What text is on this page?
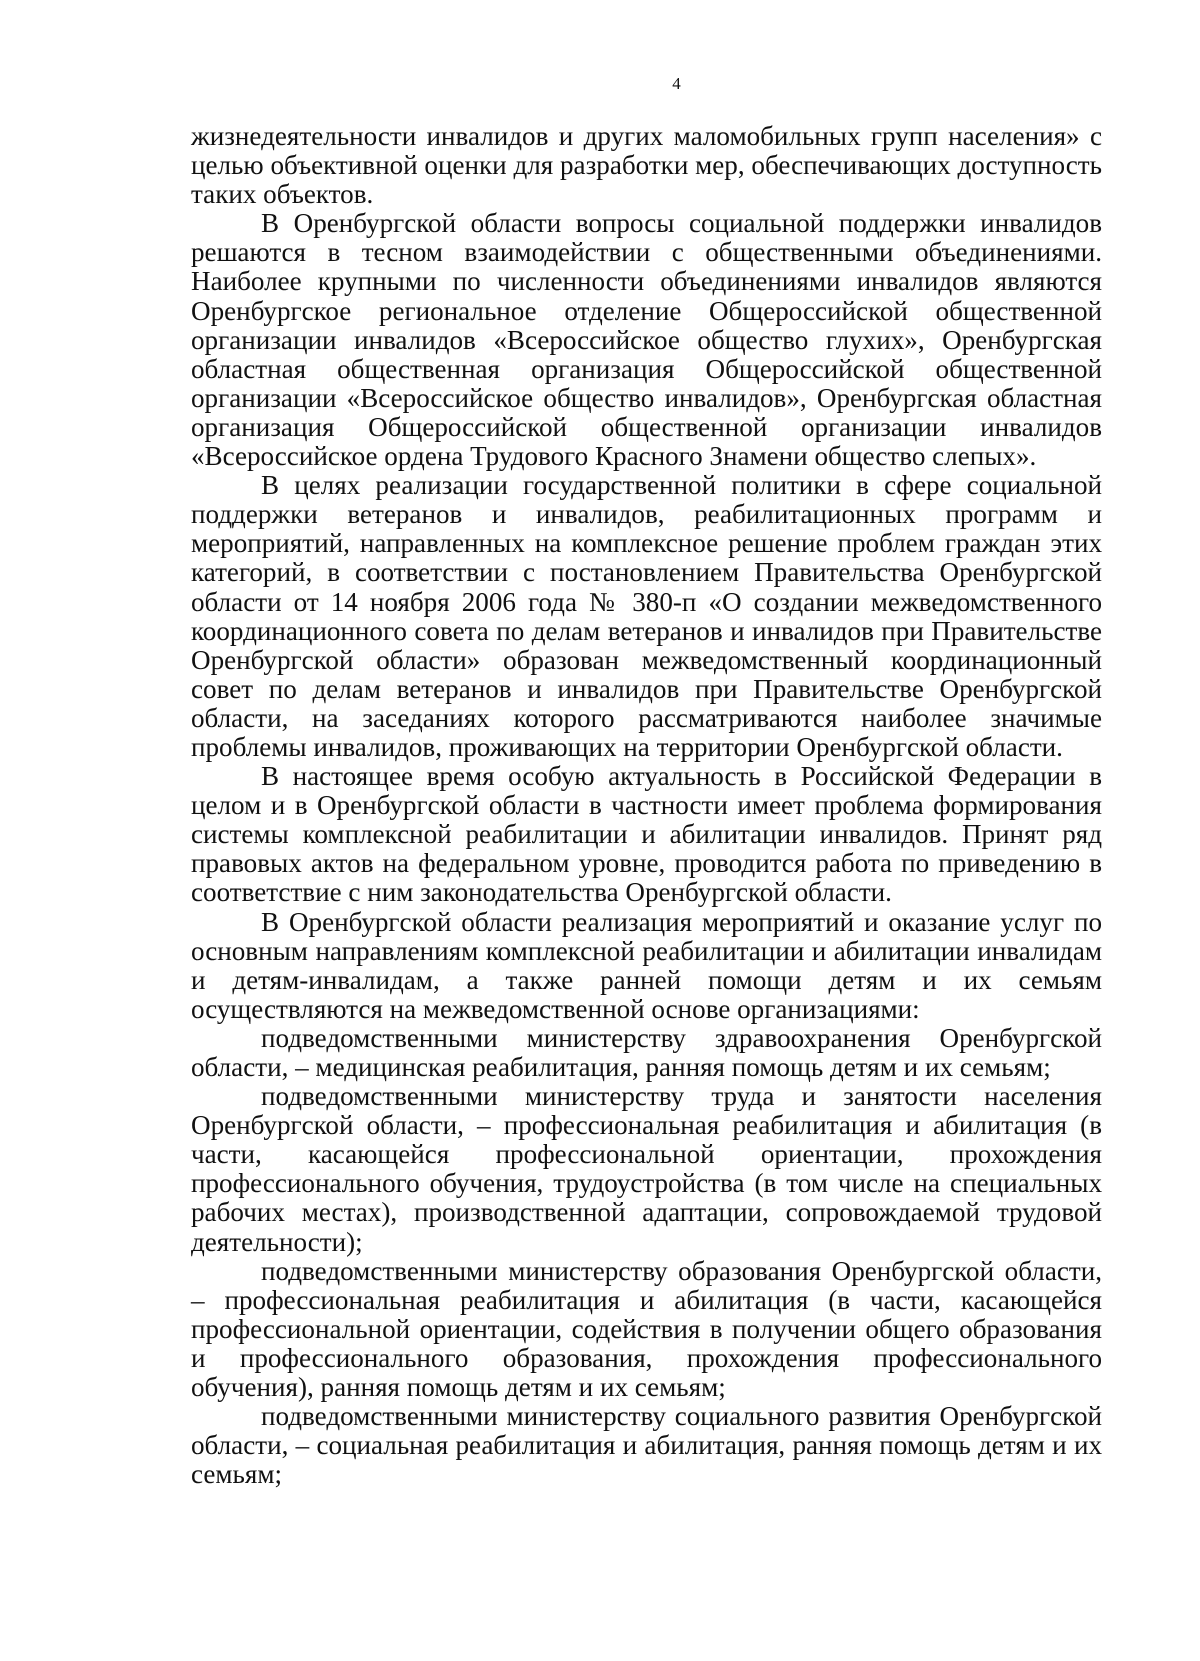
4

жизнедеятельности инвалидов и других маломобильных групп населения» с целью объективной оценки для разработки мер, обеспечивающих доступность таких объектов.

В Оренбургской области вопросы социальной поддержки инвалидов решаются в тесном взаимодействии с общественными объединениями. Наиболее крупными по численности объединениями инвалидов являются Оренбургское региональное отделение Общероссийской общественной организации инвалидов «Всероссийское общество глухих», Оренбургская областная общественная организация Общероссийской общественной организации «Всероссийское общество инвалидов», Оренбургская областная организация Общероссийской общественной организации инвалидов «Всероссийское ордена Трудового Красного Знамени общество слепых».

В целях реализации государственной политики в сфере социальной поддержки ветеранов и инвалидов, реабилитационных программ и мероприятий, направленных на комплексное решение проблем граждан этих категорий, в соответствии с постановлением Правительства Оренбургской области от 14 ноября 2006 года № 380-п «О создании межведомственного координационного совета по делам ветеранов и инвалидов при Правительстве Оренбургской области» образован межведомственный координационный совет по делам ветеранов и инвалидов при Правительстве Оренбургской области, на заседаниях которого рассматриваются наиболее значимые проблемы инвалидов, проживающих на территории Оренбургской области.

В настоящее время особую актуальность в Российской Федерации в целом и в Оренбургской области в частности имеет проблема формирования системы комплексной реабилитации и абилитации инвалидов. Принят ряд правовых актов на федеральном уровне, проводится работа по приведению в соответствие с ним законодательства Оренбургской области.

В Оренбургской области реализация мероприятий и оказание услуг по основным направлениям комплексной реабилитации и абилитации инвалидам и детям-инвалидам, а также ранней помощи детям и их семьям осуществляются на межведомственной основе организациями:

подведомственными министерству здравоохранения Оренбургской области, – медицинская реабилитация, ранняя помощь детям и их семьям;

подведомственными министерству труда и занятости населения Оренбургской области, – профессиональная реабилитация и абилитация (в части, касающейся профессиональной ориентации, прохождения профессионального обучения, трудоустройства (в том числе на специальных рабочих местах), производственной адаптации, сопровождаемой трудовой деятельности);

подведомственными министерству образования Оренбургской области, – профессиональная реабилитация и абилитация (в части, касающейся профессиональной ориентации, содействия в получении общего образования и профессионального образования, прохождения профессионального обучения), ранняя помощь детям и их семьям;

подведомственными министерству социального развития Оренбургской области, – социальная реабилитация и абилитация, ранняя помощь детям и их семьям;
